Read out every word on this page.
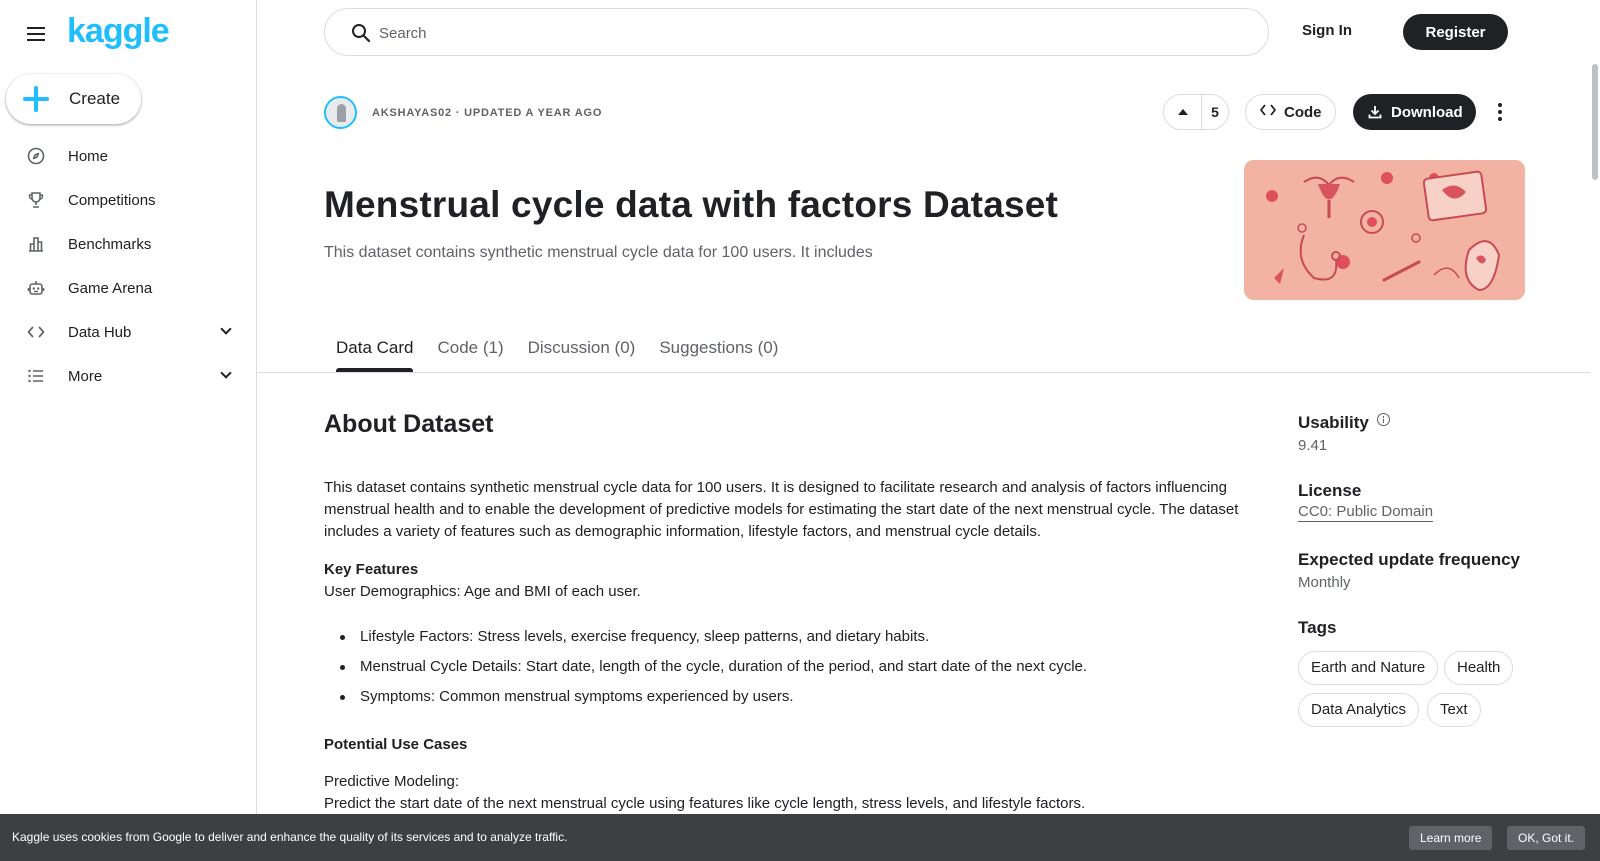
kaggle
Create
Home
Competitions
Benchmarks
Game Arena
Data Hub
More
Search
Sign In	Register
AKSHAYAS02 · UPDATED A YEAR AGO	5	Code	Download
Menstrual cycle data with factors Dataset
This dataset contains synthetic menstrual cycle data for 100 users. It includes
Data Card	Code (1)	Discussion (0)	Suggestions (0)
About Dataset

This dataset contains synthetic menstrual cycle data for 100 users. It is designed to facilitate research and analysis of factors influencing menstrual health and to enable the development of predictive models for estimating the start date of the next menstrual cycle. The dataset includes a variety of features such as demographic information, lifestyle factors, and menstrual cycle details.

Key Features
User Demographics: Age and BMI of each user.
Lifestyle Factors: Stress levels, exercise frequency, sleep patterns, and dietary habits.
Menstrual Cycle Details: Start date, length of the cycle, duration of the period, and start date of the next cycle.
Symptoms: Common menstrual symptoms experienced by users.
Potential Use Cases
Predictive Modeling:
Predict the start date of the next menstrual cycle using features like cycle length, stress levels, and lifestyle factors.
Usability
9.41
License
CC0: Public Domain
Expected update frequency
Monthly
Tags
Earth and Nature	Health
Data Analytics	Text
Kaggle uses cookies from Google to deliver and enhance the quality of its services and to analyze traffic.	Learn more	OK, Got it.
